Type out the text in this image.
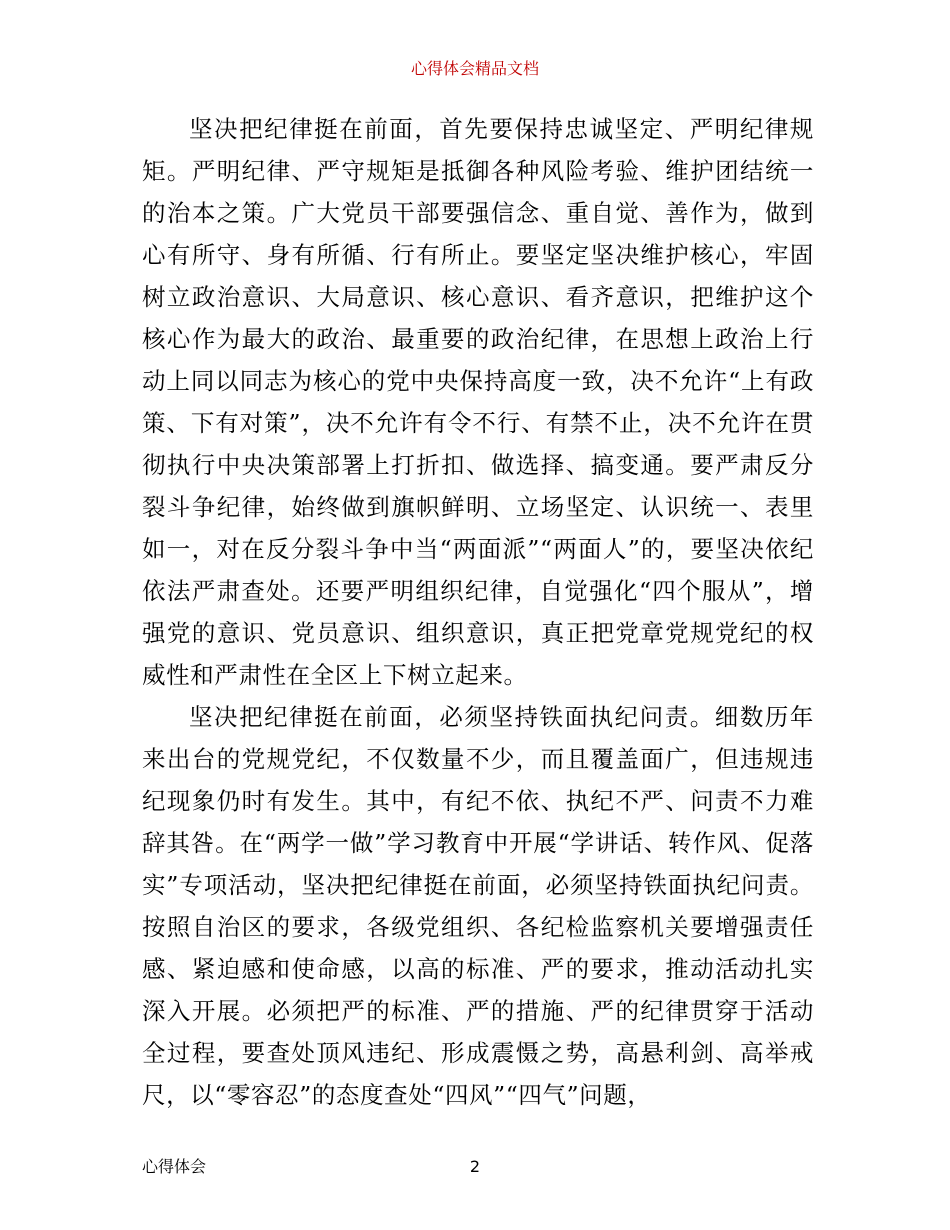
心得体会精品文档

坚决把纪律挺在前面，首先要保持忠诚坚定、严明纪律规矩。严明纪律、严守规矩是抵御各种风险考验、维护团结统一的治本之策。广大党员干部要强信念、重自觉、善作为，做到心有所守、身有所循、行有所止。要坚定坚决维护核心，牢固树立政治意识、大局意识、核心意识、看齐意识，把维护这个核心作为最大的政治、最重要的政治纪律，在思想上政治上行动上同以同志为核心的党中央保持高度一致，决不允许“上有政策、下有对策”，决不允许有令不行、有禁不止，决不允许在贯彻执行中央决策部署上打折扣、做选择、搞变通。要严肃反分裂斗争纪律，始终做到旗帜鲜明、立场坚定、认识统一、表里如一，对在反分裂斗争中当“两面派”“两面人”的，要坚决依纪依法严肃查处。还要严明组织纪律，自觉强化“四个服从”，增强党的意识、党员意识、组织意识，真正把党章党规党纪的权威性和严肃性在全区上下树立起来。

坚决把纪律挺在前面，必须坚持铁面执纪问责。细数历年来出台的党规党纪，不仅数量不少，而且覆盖面广，但违规违纪现象仍时有发生。其中，有纪不依、执纪不严、问责不力难辞其咎。在“两学一做”学习教育中开展“学讲话、转作风、促落实”专项活动，坚决把纪律挺在前面，必须坚持铁面执纪问责。按照自治区的要求，各级党组织、各纪检监察机关要增强责任感、紧迫感和使命感，以高的标准、严的要求，推动活动扎实深入开展。必须把严的标准、严的措施、严的纪律贯穿于活动全过程，要查处顶风违纪、形成震慑之势，高悬利剑、高举戒尺，以“零容忍”的态度查处“四风”“四气”问题，

心得体会	2
